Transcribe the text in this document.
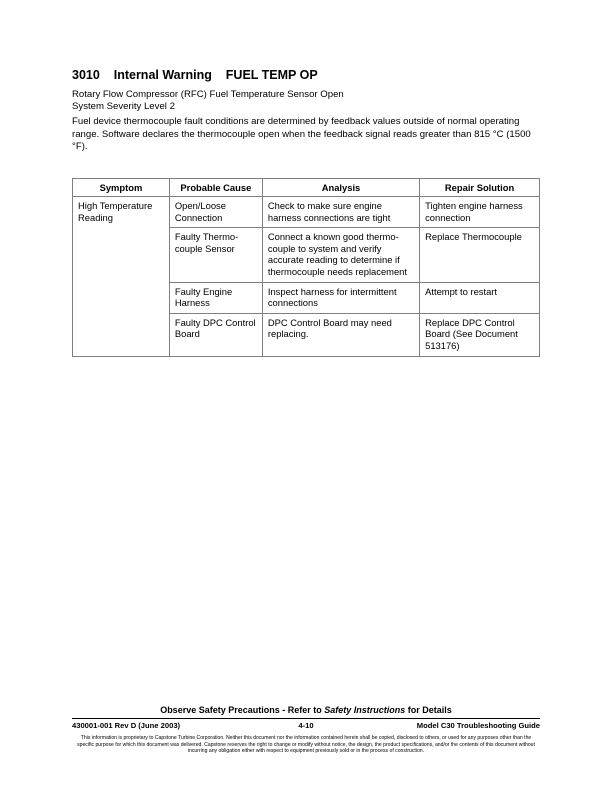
3010 Internal Warning FUEL TEMP OP

Rotary Flow Compressor (RFC) Fuel Temperature Sensor Open

System Severity Level 2

Fuel device thermocouple fault conditions are determined by feedback values outside of normal operating range. Software declares the thermocouple open when the feedback signal reads greater than 815 °C (1500 °F).

Symptom	Probable Cause	Analysis	Repair Solution
High Temperature Reading	Open/Loose Connection	Check to make sure engine harness connections are tight	Tighten engine harness connection
	Faulty Thermo-couple Sensor	Connect a known good thermo-couple to system and verify accurate reading to determine if thermocouple needs replacement	Replace Thermocouple
	Faulty Engine Harness	Inspect harness for intermittent connections	Attempt to restart
	Faulty DPC Control Board	DPC Control Board may need replacing.	Replace DPC Control Board (See Document 513176)

Observe Safety Precautions - Refer to Safety Instructions for Details

430001-001 Rev D (June 2003)	4-10	Model C30 Troubleshooting Guide

This information is proprietary to Capstone Turbine Corporation. Neither this document nor the information contained herein shall be copied, disclosed to others, or used for any purposes other than the specific purpose for which this document was delivered. Capstone reserves the right to change or modify without notice, the design, the product specifications, and/or the contents of this document without incurring any obligation either with respect to equipment previously sold or in the process of construction.
